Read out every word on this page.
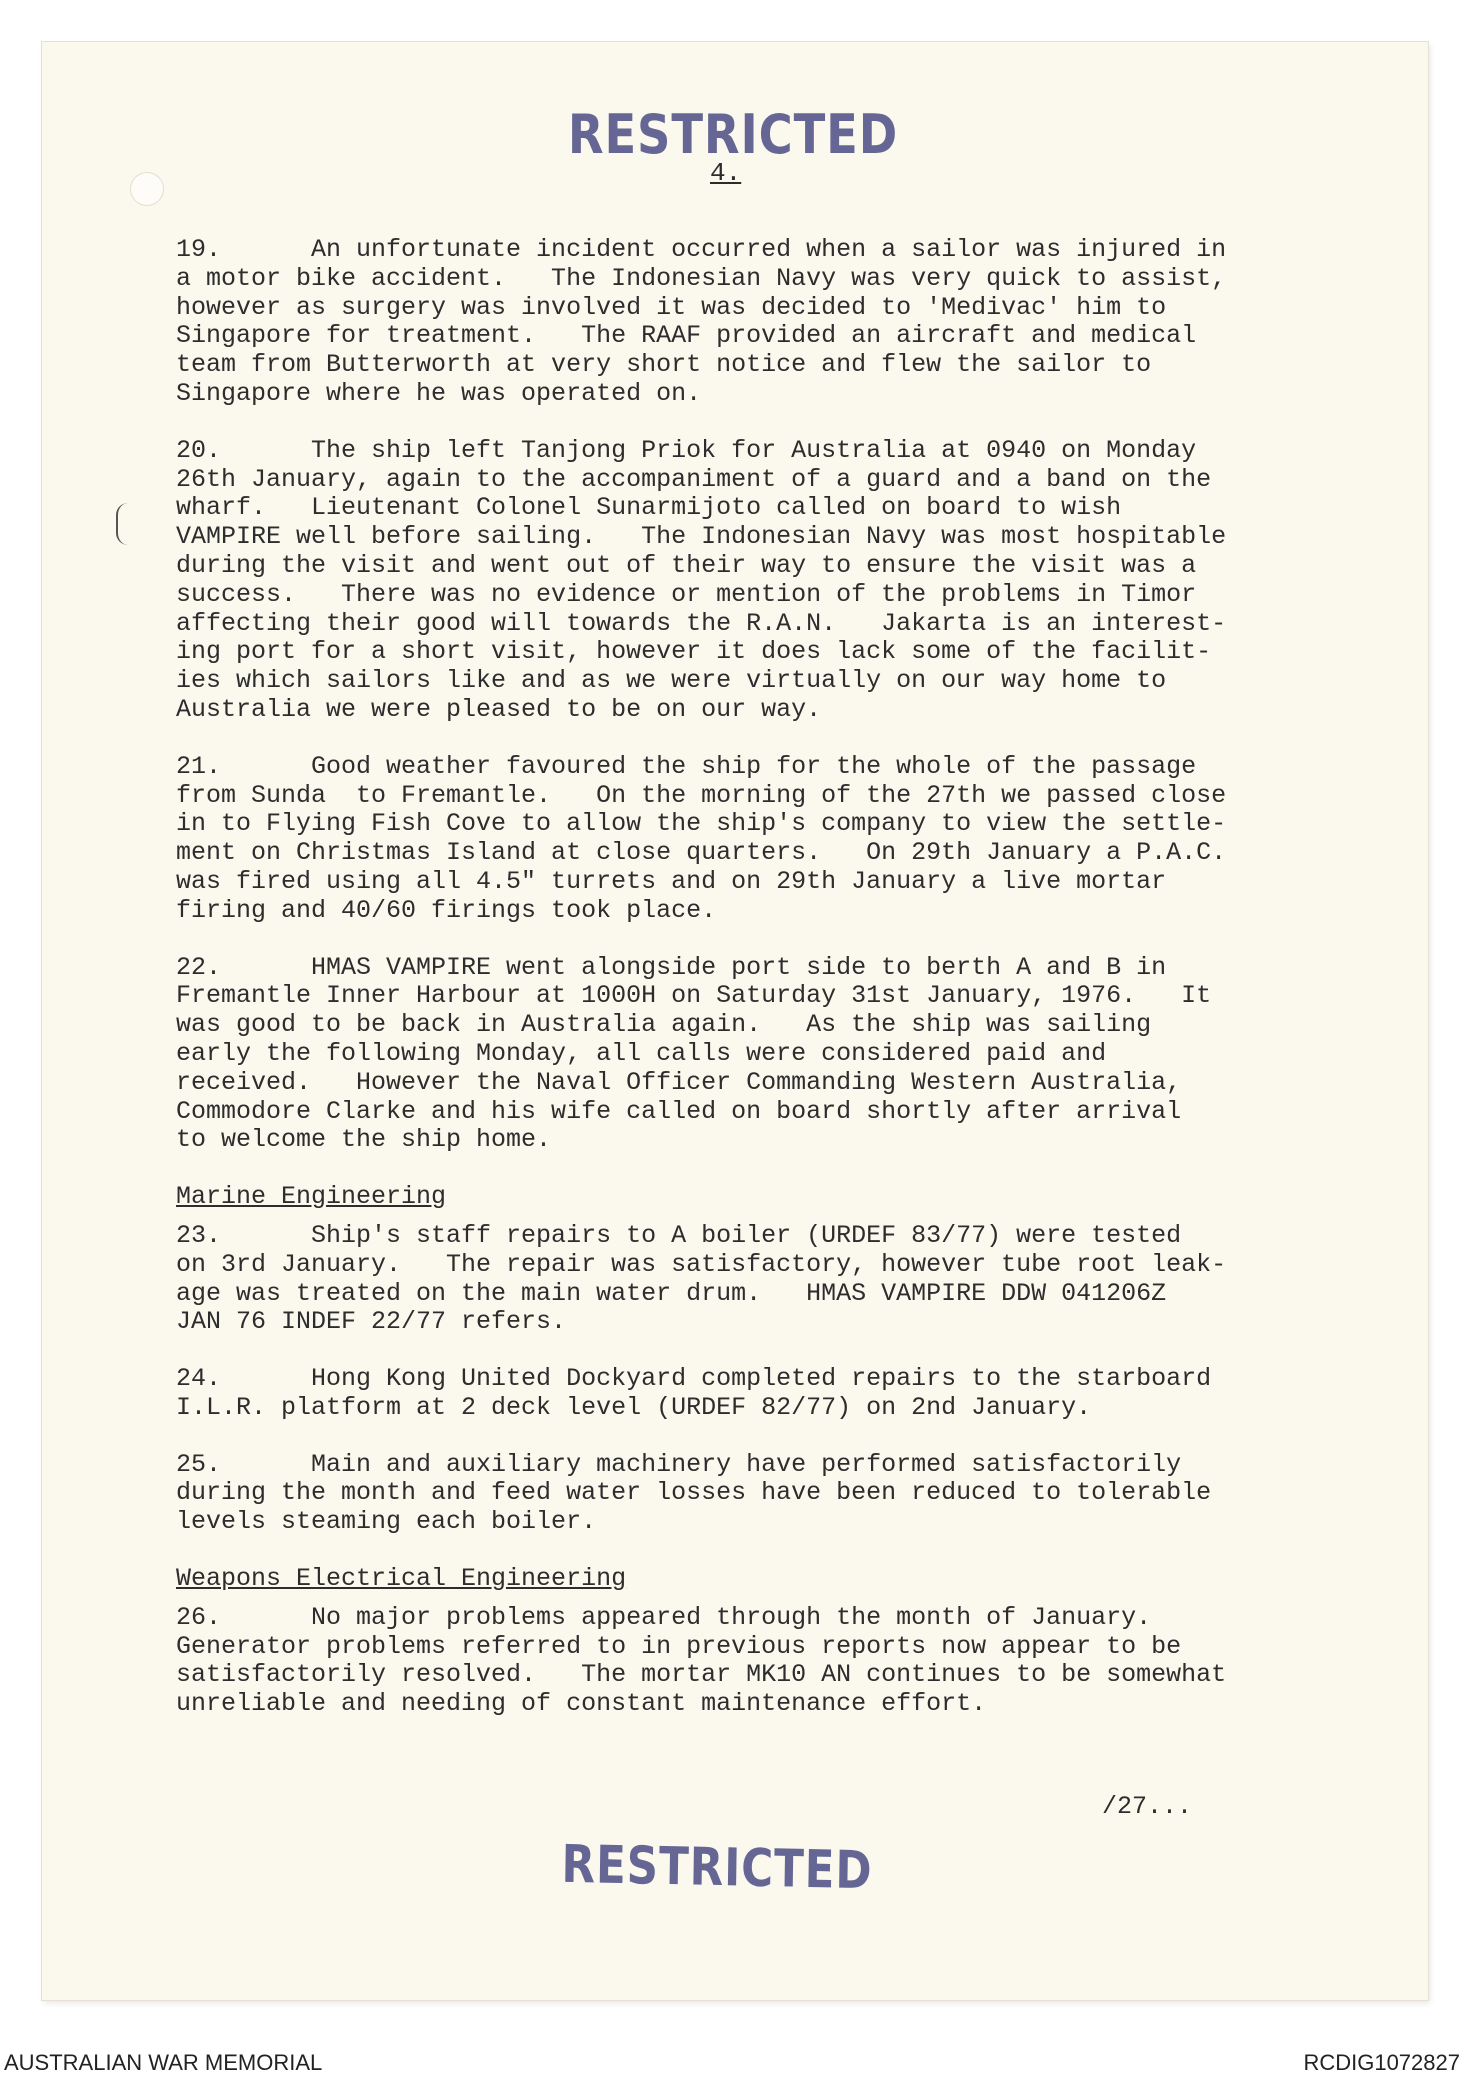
RESTRICTED
4.

19.      An unfortunate incident occurred when a sailor was injured in
a motor bike accident.   The Indonesian Navy was very quick to assist,
however as surgery was involved it was decided to 'Medivac' him to
Singapore for treatment.   The RAAF provided an aircraft and medical
team from Butterworth at very short notice and flew the sailor to
Singapore where he was operated on.

20.      The ship left Tanjong Priok for Australia at 0940 on Monday
26th January, again to the accompaniment of a guard and a band on the
wharf.   Lieutenant Colonel Sunarmijoto called on board to wish
VAMPIRE well before sailing.   The Indonesian Navy was most hospitable
during the visit and went out of their way to ensure the visit was a
success.   There was no evidence or mention of the problems in Timor
affecting their good will towards the R.A.N.   Jakarta is an interest-
ing port for a short visit, however it does lack some of the facilit-
ies which sailors like and as we were virtually on our way home to
Australia we were pleased to be on our way.

21.      Good weather favoured the ship for the whole of the passage
from Sunda  to Fremantle.   On the morning of the 27th we passed close
in to Flying Fish Cove to allow the ship's company to view the settle-
ment on Christmas Island at close quarters.   On 29th January a P.A.C.
was fired using all 4.5" turrets and on 29th January a live mortar
firing and 40/60 firings took place.

22.      HMAS VAMPIRE went alongside port side to berth A and B in
Fremantle Inner Harbour at 1000H on Saturday 31st January, 1976.   It
was good to be back in Australia again.   As the ship was sailing
early the following Monday, all calls were considered paid and
received.   However the Naval Officer Commanding Western Australia,
Commodore Clarke and his wife called on board shortly after arrival
to welcome the ship home.

Marine Engineering

23.      Ship's staff repairs to A boiler (URDEF 83/77) were tested
on 3rd January.   The repair was satisfactory, however tube root leak-
age was treated on the main water drum.   HMAS VAMPIRE DDW 041206Z
JAN 76 INDEF 22/77 refers.

24.      Hong Kong United Dockyard completed repairs to the starboard
I.L.R. platform at 2 deck level (URDEF 82/77) on 2nd January.

25.      Main and auxiliary machinery have performed satisfactorily
during the month and feed water losses have been reduced to tolerable
levels steaming each boiler.

Weapons Electrical Engineering

26.      No major problems appeared through the month of January.
Generator problems referred to in previous reports now appear to be
satisfactorily resolved.   The mortar MK10 AN continues to be somewhat
unreliable and needing of constant maintenance effort.

/27...
RESTRICTED
AUSTRALIAN WAR MEMORIAL	RCDIG1072827
